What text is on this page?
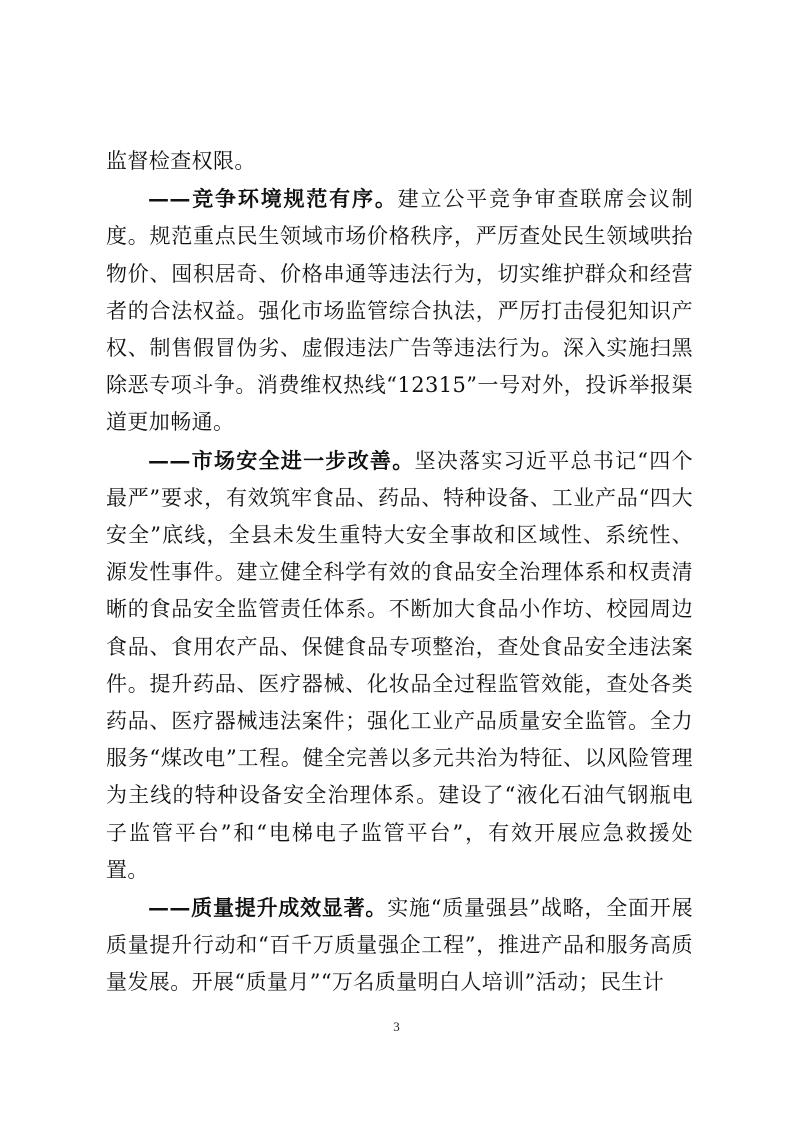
监督检查权限。

——竞争环境规范有序。建立公平竞争审查联席会议制度。规范重点民生领域市场价格秩序，严厉查处民生领域哄抬物价、囤积居奇、价格串通等违法行为，切实维护群众和经营者的合法权益。强化市场监管综合执法，严厉打击侵犯知识产权、制售假冒伪劣、虚假违法广告等违法行为。深入实施扫黑除恶专项斗争。消费维权热线“12315”一号对外，投诉举报渠道更加畅通。

——市场安全进一步改善。坚决落实习近平总书记“四个最严”要求，有效筑牢食品、药品、特种设备、工业产品“四大安全”底线，全县未发生重特大安全事故和区域性、系统性、源发性事件。建立健全科学有效的食品安全治理体系和权责清晰的食品安全监管责任体系。不断加大食品小作坊、校园周边食品、食用农产品、保健食品专项整治，查处食品安全违法案件。提升药品、医疗器械、化妆品全过程监管效能，查处各类药品、医疗器械违法案件；强化工业产品质量安全监管。全力服务“煤改电”工程。健全完善以多元共治为特征、以风险管理为主线的特种设备安全治理体系。建设了“液化石油气钢瓶电子监管平台”和“电梯电子监管平台”，有效开展应急救援处置。

——质量提升成效显著。实施“质量强县”战略，全面开展质量提升行动和“百千万质量强企工程”，推进产品和服务高质量发展。开展“质量月”“万名质量明白人培训”活动；民生计

3
